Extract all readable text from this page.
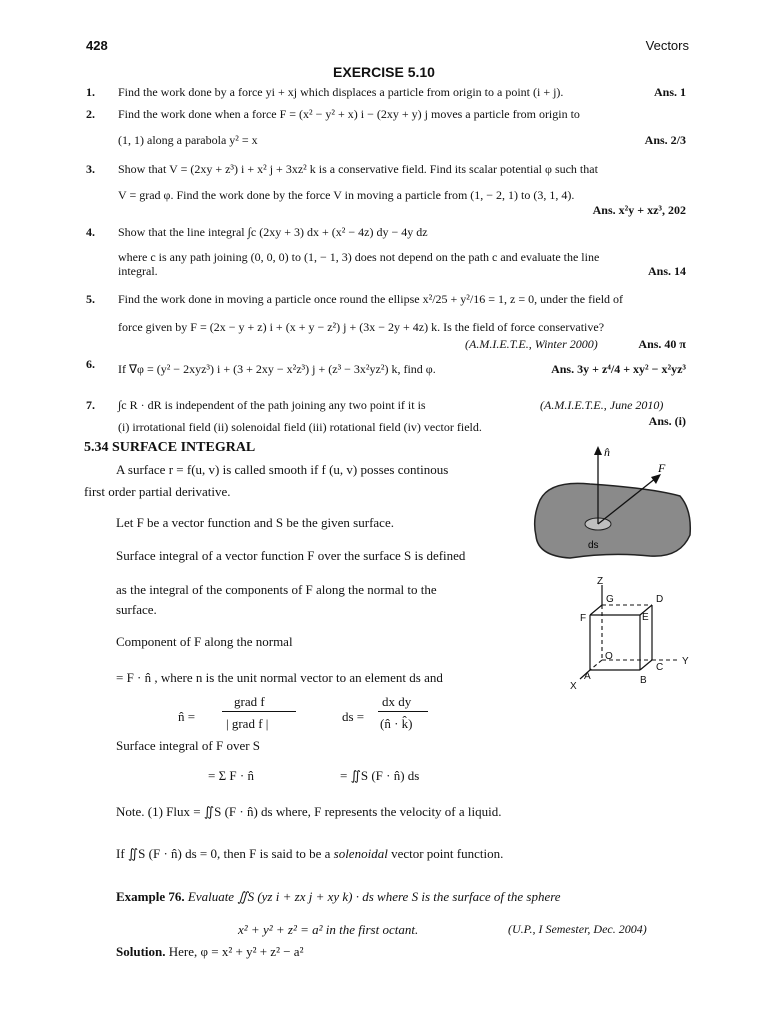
428	Vectors
EXERCISE 5.10
1. Find the work done by a force yi + xj which displaces a particle from origin to a point (i + j).	Ans. 1
2. Find the work done when a force F = (x² − y² + x) i − (2xy + y) j moves a particle from origin to
(1, 1) along a parabola y² = x	Ans. 2/3
3. Show that V = (2xy + z³) i + x² j + 3xz² k is a conservative field. Find its scalar potential φ such that
V = grad φ. Find the work done by the force V in moving a particle from (1, − 2, 1) to (3, 1, 4).
Ans. x²y + xz³, 202
4. Show that the line integral ∫c (2xy + 3) dx + (x² − 4z) dy − 4y dz
where c is any path joining (0, 0, 0) to (1, − 1, 3) does not depend on the path c and evaluate the line
integral.	Ans. 14
5. Find the work done in moving a particle once round the ellipse x²/25 + y²/16 = 1, z = 0, under the field of
force given by F = (2x − y + z) i + (x + y − z²) j + (3x − 2y + 4z) k. Is the field of force conservative?
(A.M.I.E.T.E., Winter 2000)	Ans. 40 π
6. If ∇φ = (y² − 2xyz³) i + (3 + 2xy − x²z³) j + (z³ − 3x²yz²) k, find φ.	Ans. 3y + z⁴/4 + xy² − x²yz³
7. ∫c R · dR is independent of the path joining any two point if it is	(A.M.I.E.T.E., June 2010)
Ans. (i)
(i) irrotational field (ii) solenoidal field (iii) rotational field (iv) vector field.
5.34 SURFACE INTEGRAL
A surface r = f(u, v) is called smooth if f (u, v) posses continous
first order partial derivative.
Let F be a vector function and S be the given surface.
Surface integral of a vector function F over the surface S is defined
as the integral of the components of F along the normal to the
surface.
Component of F along the normal
= F · n̂ , where n is the unit normal vector to an element ds and
n̂ =
grad f
| grad f |	ds =
dx dy
(n̂ · k̂)
Surface integral of F over S
= Σ F · n̂	= ∬S (F · n̂) ds
Note. (1) Flux = ∬S (F · n̂) ds where, F represents the velocity of a liquid.
If ∬S (F · n̂) ds = 0, then F is said to be a solenoidal vector point function.
Example 76. Evaluate ∬S (yz i + zx j + xy k) · ds where S is the surface of the sphere
x² + y² + z² = a² in the first octant.	(U.P., I Semester, Dec. 2004)
Solution. Here, φ = x² + y² + z² − a²
n̂
F
ds
Z
G	D
F	E
O
C
Y
X
A	B
